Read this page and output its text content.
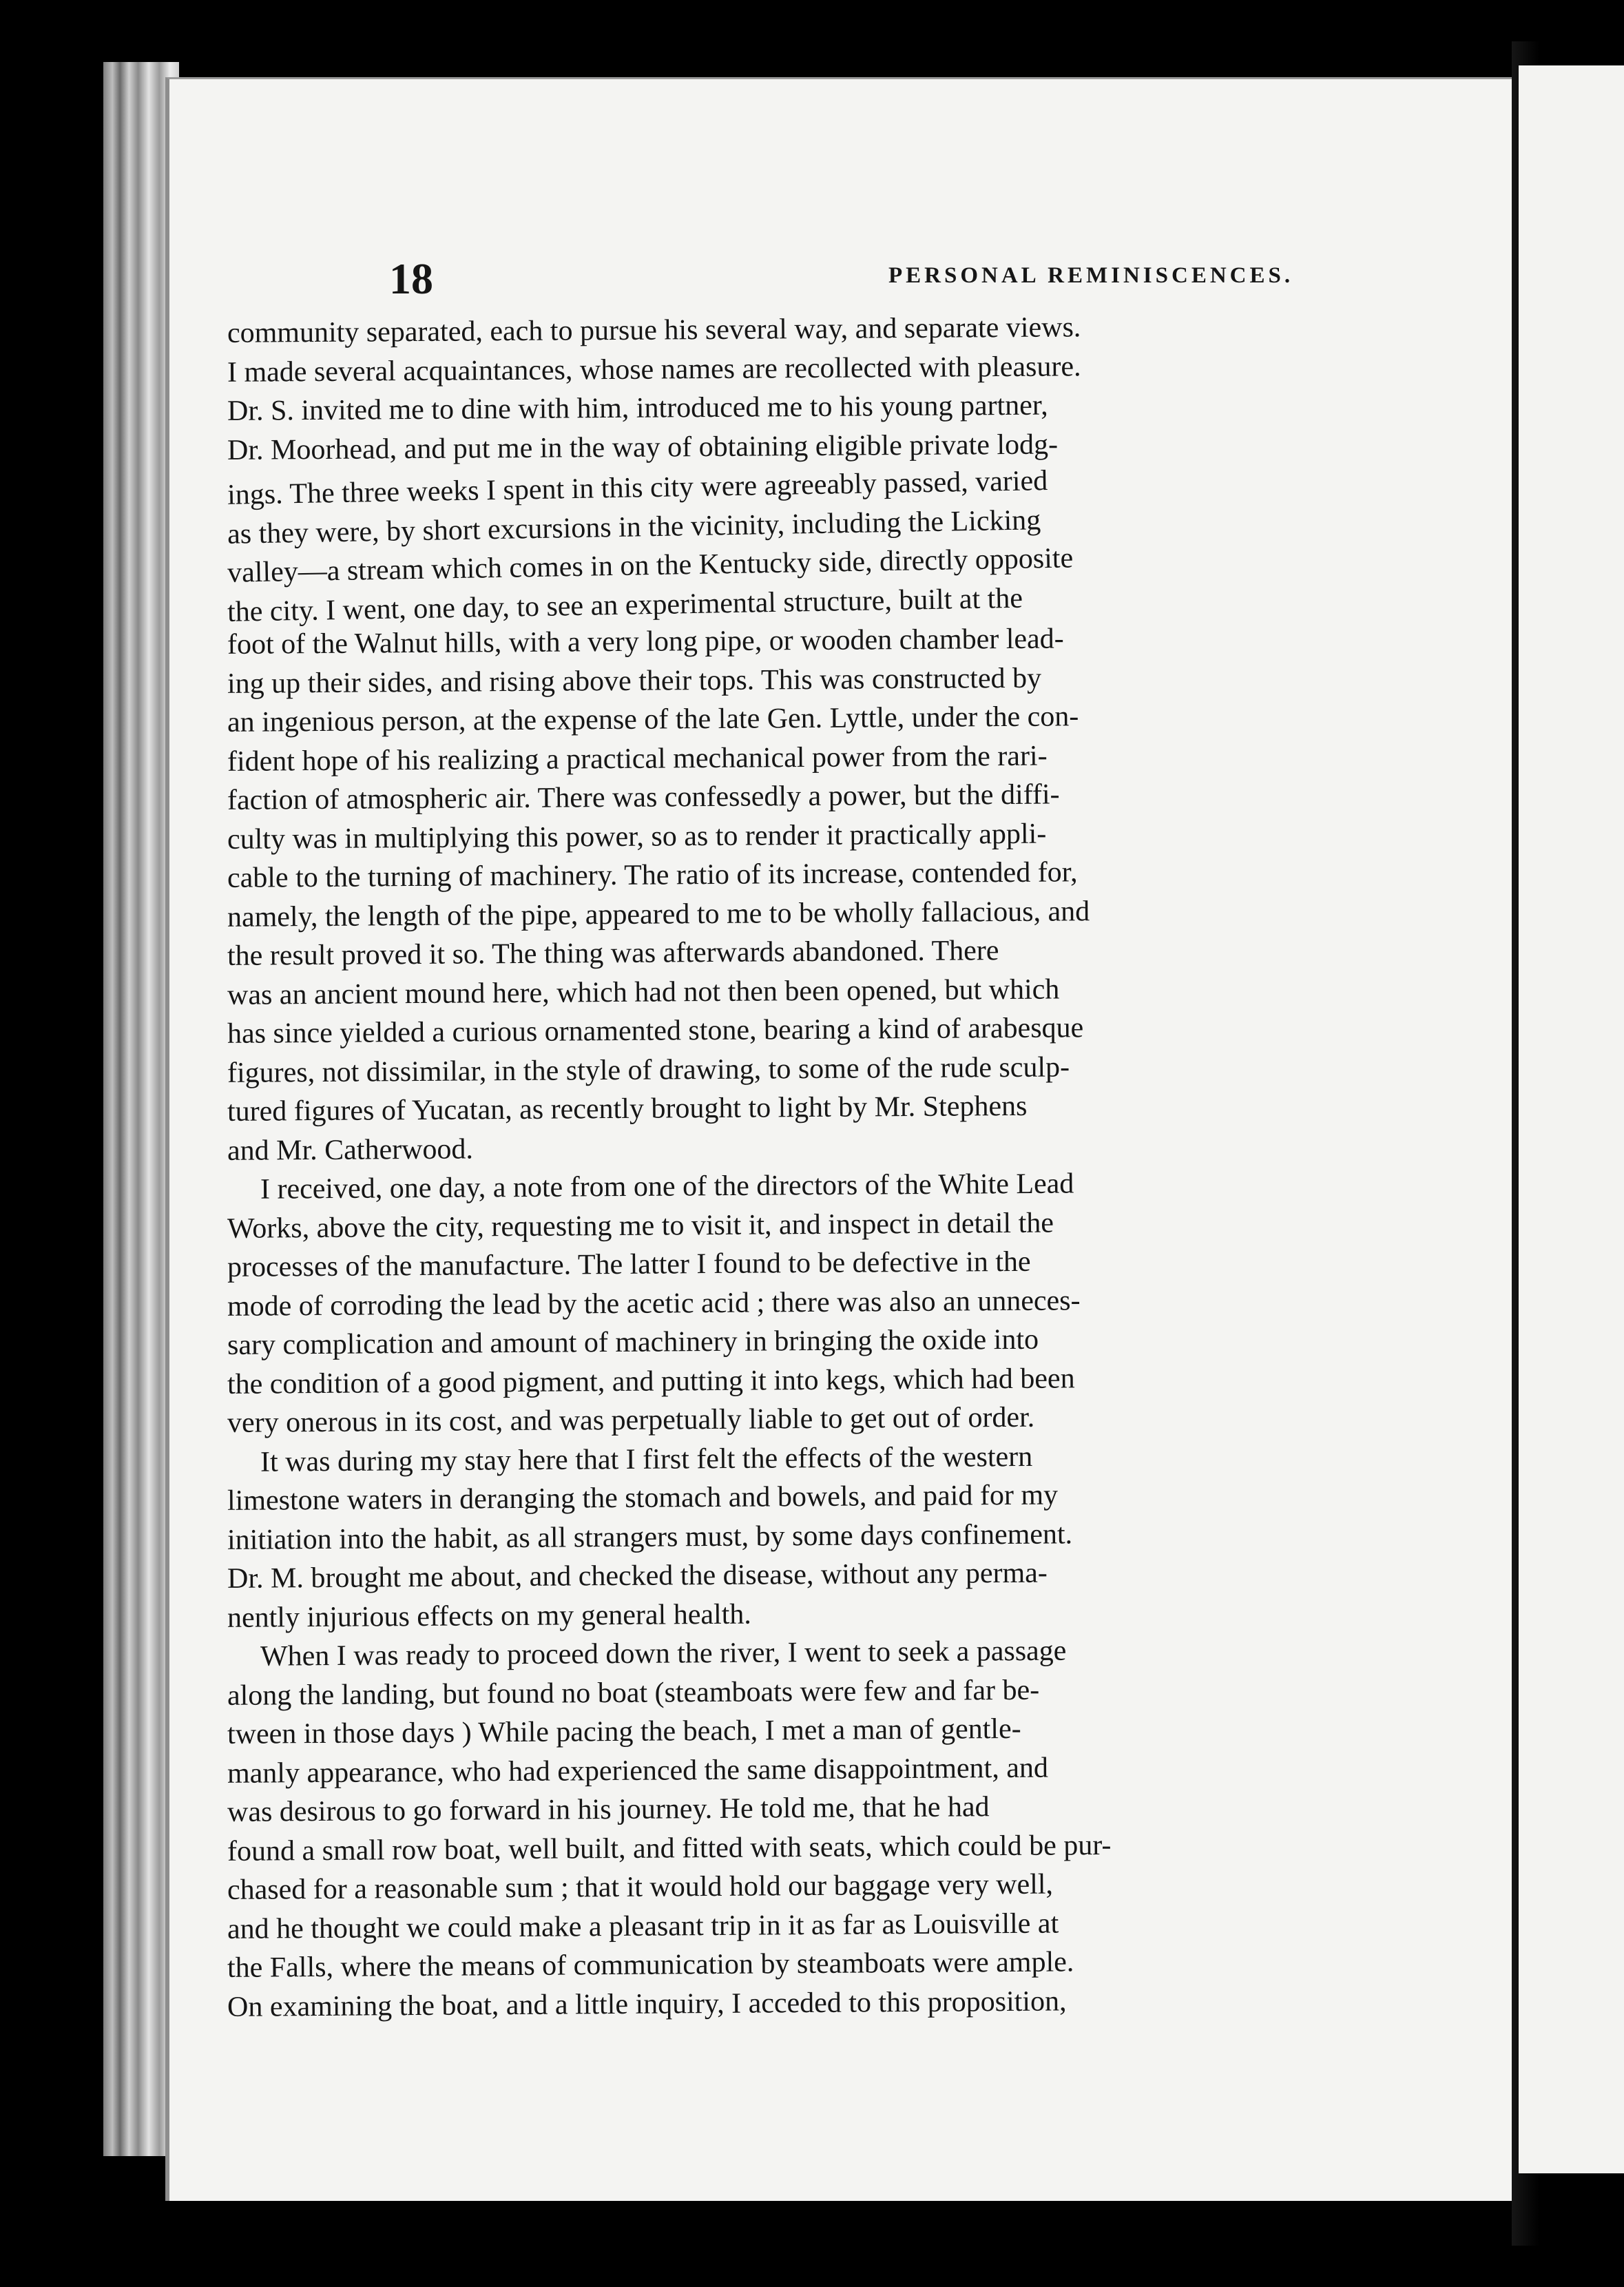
18	PERSONAL REMINISCENCES.
community separated, each to pursue his several way, and separate views.
I made several acquaintances, whose names are recollected with pleasure.
Dr. S. invited me to dine with him, introduced me to his young partner,
Dr. Moorhead, and put me in the way of obtaining eligible private lodg-
ings. The three weeks I spent in this city were agreeably passed, varied
as they were, by short excursions in the vicinity, including the Licking
valley—a stream which comes in on the Kentucky side, directly opposite
the city. I went, one day, to see an experimental structure, built at the
foot of the Walnut hills, with a very long pipe, or wooden chamber lead-
ing up their sides, and rising above their tops. This was constructed by
an ingenious person, at the expense of the late Gen. Lyttle, under the con-
fident hope of his realizing a practical mechanical power from the rari-
faction of atmospheric air. There was confessedly a power, but the diffi-
culty was in multiplying this power, so as to render it practically appli-
cable to the turning of machinery. The ratio of its increase, contended for,
namely, the length of the pipe, appeared to me to be wholly fallacious, and
the result proved it so. The thing was afterwards abandoned. There
was an ancient mound here, which had not then been opened, but which
has since yielded a curious ornamented stone, bearing a kind of arabesque
figures, not dissimilar, in the style of drawing, to some of the rude sculp-
tured figures of Yucatan, as recently brought to light by Mr. Stephens
and Mr. Catherwood.
I received, one day, a note from one of the directors of the White Lead
Works, above the city, requesting me to visit it, and inspect in detail the
processes of the manufacture. The latter I found to be defective in the
mode of corroding the lead by the acetic acid ; there was also an unneces-
sary complication and amount of machinery in bringing the oxide into
the condition of a good pigment, and putting it into kegs, which had been
very onerous in its cost, and was perpetually liable to get out of order.
It was during my stay here that I first felt the effects of the western
limestone waters in deranging the stomach and bowels, and paid for my
initiation into the habit, as all strangers must, by some days confinement.
Dr. M. brought me about, and checked the disease, without any perma-
nently injurious effects on my general health.
When I was ready to proceed down the river, I went to seek a passage
along the landing, but found no boat (steamboats were few and far be-
tween in those days ) While pacing the beach, I met a man of gentle-
manly appearance, who had experienced the same disappointment, and
was desirous to go forward in his journey. He told me, that he had
found a small row boat, well built, and fitted with seats, which could be pur-
chased for a reasonable sum ; that it would hold our baggage very well,
and he thought we could make a pleasant trip in it as far as Louisville at
the Falls, where the means of communication by steamboats were ample.
On examining the boat, and a little inquiry, I acceded to this proposition,
